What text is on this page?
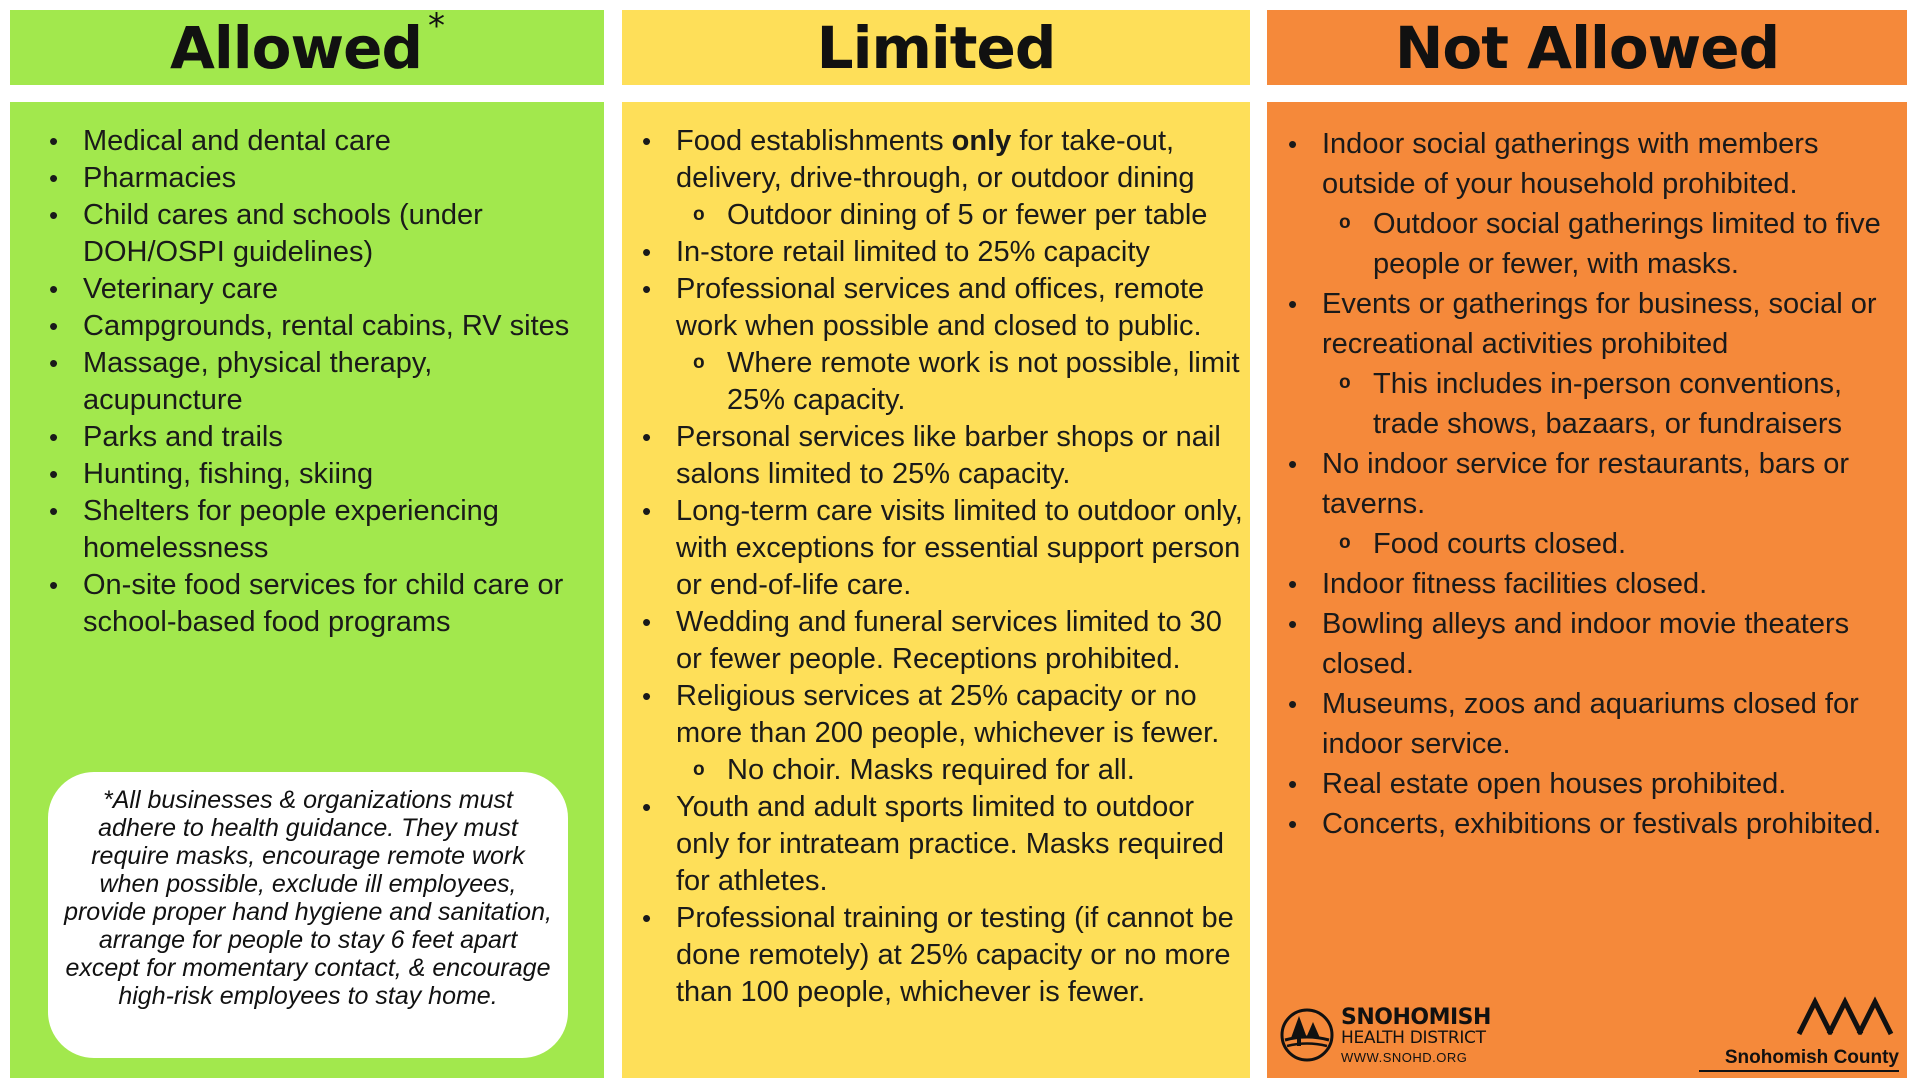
Allowed *	Limited	Not Allowed
• Medical and dental care
• Pharmacies
• Child cares and schools (under DOH/OSPI guidelines)
• Veterinary care
• Campgrounds, rental cabins, RV sites
• Massage, physical therapy, acupuncture
• Parks and trails
• Hunting, fishing, skiing
• Shelters for people experiencing homelessness
• On-site food services for child care or school-based food programs
*All businesses & organizations must adhere to health guidance. They must require masks, encourage remote work when possible, exclude ill employees, provide proper hand hygiene and sanitation, arrange for people to stay 6 feet apart except for momentary contact, & encourage high-risk employees to stay home.
• Food establishments only for take-out, delivery, drive-through, or outdoor dining
o Outdoor dining of 5 or fewer per table
• In-store retail limited to 25% capacity
• Professional services and offices, remote work when possible and closed to public.
o Where remote work is not possible, limit 25% capacity.
• Personal services like barber shops or nail salons limited to 25% capacity.
• Long-term care visits limited to outdoor only, with exceptions for essential support person or end-of-life care.
• Wedding and funeral services limited to 30 or fewer people. Receptions prohibited.
• Religious services at 25% capacity or no more than 200 people, whichever is fewer.
o No choir. Masks required for all.
• Youth and adult sports limited to outdoor only for intrateam practice. Masks required for athletes.
• Professional training or testing (if cannot be done remotely) at 25% capacity or no more than 100 people, whichever is fewer.
• Indoor social gatherings with members outside of your household prohibited.
o Outdoor social gatherings limited to five people or fewer, with masks.
• Events or gatherings for business, social or recreational activities prohibited
o This includes in-person conventions, trade shows, bazaars, or fundraisers
• No indoor service for restaurants, bars or taverns.
o Food courts closed.
• Indoor fitness facilities closed.
• Bowling alleys and indoor movie theaters closed.
• Museums, zoos and aquariums closed for indoor service.
• Real estate open houses prohibited.
• Concerts, exhibitions or festivals prohibited.
SNOHOMISH
HEALTH DISTRICT
WWW.SNOHD.ORG	Snohomish County
